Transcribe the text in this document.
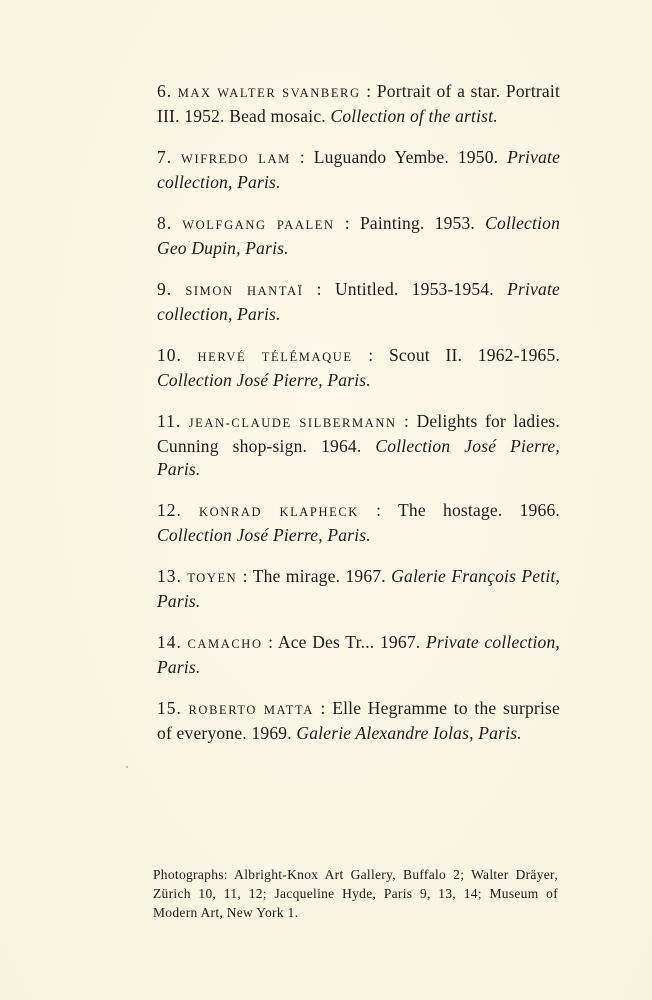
6. MAX WALTER SVANBERG : Portrait of a star. Portrait III. 1952. Bead mosaic. Collection of the artist.

7. WIFREDO LAM : Luguando Yembe. 1950. Private collection, Paris.

8. WOLFGANG PAALEN : Painting. 1953. Collection Geo Dupin, Paris.

9. SIMON HANTAÏ : Untitled. 1953-1954. Private collection, Paris.

10. HERVÉ TÉLÉMAQUE : Scout II. 1962-1965. Collection José Pierre, Paris.

11. JEAN-CLAUDE SILBERMANN : Delights for ladies. Cunning shop-sign. 1964. Collection José Pierre, Paris.

12. KONRAD KLAPHECK : The hostage. 1966. Collection José Pierre, Paris.

13. TOYEN : The mirage. 1967. Galerie François Petit, Paris.

14. CAMACHO : Ace Des Tr... 1967. Private collection, Paris.

15. ROBERTO MATTA : Elle Hegramme to the surprise of everyone. 1969. Galerie Alexandre Iolas, Paris.

Photographs: Albright-Knox Art Gallery, Buffalo 2; Walter Dräyer, Zürich 10, 11, 12; Jacqueline Hyde, Paris 9, 13, 14; Museum of Modern Art, New York 1.
